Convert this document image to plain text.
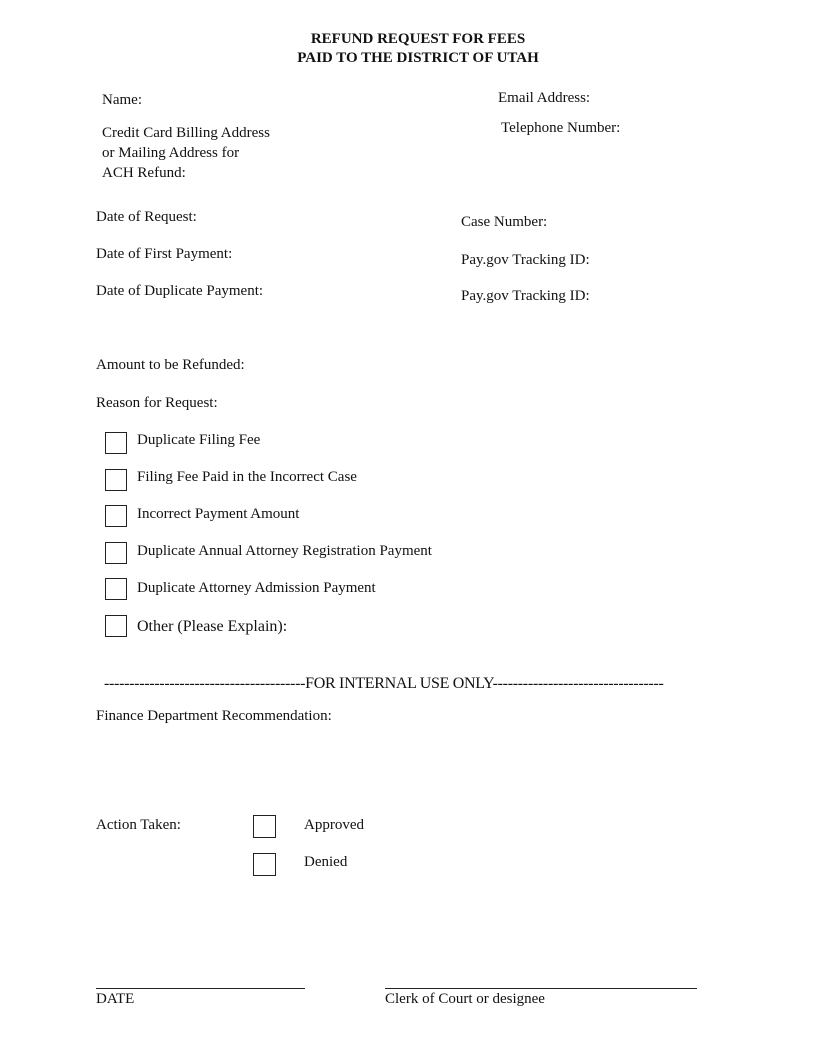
REFUND REQUEST FOR FEES
PAID TO THE DISTRICT OF UTAH
Name:	Email Address:
Credit Card Billing Address
or Mailing Address for
ACH Refund:
Telephone Number:
Date of Request:	Case Number:
Date of First Payment:	Pay.gov Tracking ID:
Date of Duplicate Payment:	Pay.gov Tracking ID:
Amount to be Refunded:
Reason for Request:
Duplicate Filing Fee
Filing Fee Paid in the Incorrect Case
Incorrect Payment Amount
Duplicate Annual Attorney Registration Payment
Duplicate Attorney Admission Payment
Other (Please Explain):
----------------------------------------FOR INTERNAL USE ONLY----------------------------------
Finance Department Recommendation:
Action Taken:	Approved
Denied
DATE	Clerk of Court or designee
